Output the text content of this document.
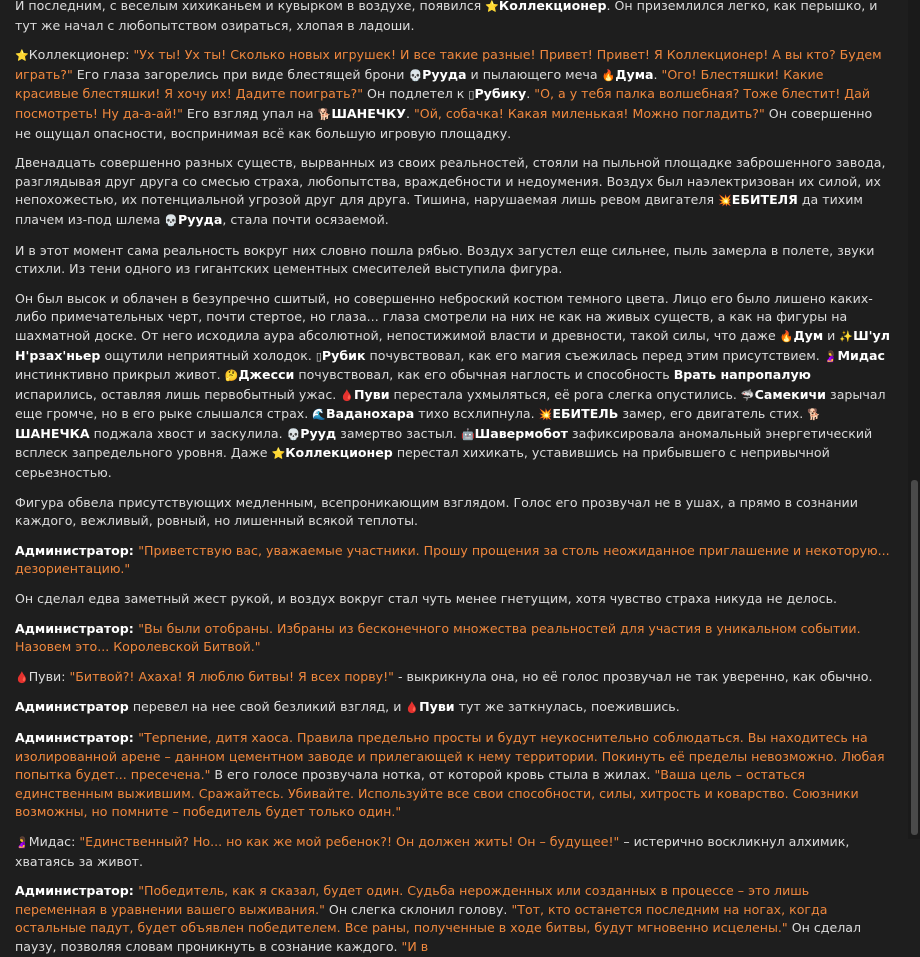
И последним, с веселым хихиканьем и кувырком в воздухе, появился ⭐Коллекционер. Он приземлился легко, как перышко, и тут же начал с любопытством озираться, хлопая в ладоши.

⭐Коллекционер: "Ух ты! Ух ты! Сколько новых игрушек! И все такие разные! Привет! Привет! Я Коллекционер! А вы кто? Будем играть?" Его глаза загорелись при виде блестящей брони 💀Рууда и пылающего меча 🔥Дума. "Ого! Блестяшки! Какие красивые блестяшки! Я хочу их! Дадите поиграть?" Он подлетел к ▯Рубику. "О, а у тебя палка волшебная? Тоже блестит! Дай посмотреть! Ну да-а-ай!" Его взгляд упал на 🐕ШАНЕЧКУ. "Ой, собачка! Какая миленькая! Можно погладить?" Он совершенно не ощущал опасности, воспринимая всё как большую игровую площадку.

Двенадцать совершенно разных существ, вырванных из своих реальностей, стояли на пыльной площадке заброшенного завода, разглядывая друг друга со смесью страха, любопытства, враждебности и недоумения. Воздух был наэлектризован их силой, их непохожестью, их потенциальной угрозой друг для друга. Тишина, нарушаемая лишь ревом двигателя 💥ЕБИТЕЛЯ да тихим плачем из-под шлема 💀Рууда, стала почти осязаемой.

И в этот момент сама реальность вокруг них словно пошла рябью. Воздух загустел еще сильнее, пыль замерла в полете, звуки стихли. Из тени одного из гигантских цементных смесителей выступила фигура.

Он был высок и облачен в безупречно сшитый, но совершенно неброский костюм темного цвета. Лицо его было лишено каких-либо примечательных черт, почти стертое, но глаза... глаза смотрели на них не как на живых существ, а как на фигуры на шахматной доске. От него исходила аура абсолютной, непостижимой власти и древности, такой силы, что даже 🔥Дум и ✨Ш'ул Н'рзах'ньер ощутили неприятный холодок. ▯Рубик почувствовал, как его магия съежилась перед этим присутствием. 🤰Мидас инстинктивно прикрыл живот. 🤔Джесси почувствовал, как его обычная наглость и способность Врать напропалую испарились, оставляя лишь первобытный ужас. 🩸Пуви перестала ухмыляться, её рога слегка опустились. 🦈Самекичи зарычал еще громче, но в его рыке слышался страх. 🌊Ваданохара тихо всхлипнула. 💥ЕБИТЕЛЬ замер, его двигатель стих. 🐕ШАНЕЧКА поджала хвост и заскулила. 💀Рууд замертво застыл. 🤖Шавермобот зафиксировала аномальный энергетический всплеск запредельного уровня. Даже ⭐Коллекционер перестал хихикать, уставившись на прибывшего с непривычной серьезностью.

Фигура обвела присутствующих медленным, всепроникающим взглядом. Голос его прозвучал не в ушах, а прямо в сознании каждого, вежливый, ровный, но лишенный всякой теплоты.

Администратор: "Приветствую вас, уважаемые участники. Прошу прощения за столь неожиданное приглашение и некоторую... дезориентацию."

Он сделал едва заметный жест рукой, и воздух вокруг стал чуть менее гнетущим, хотя чувство страха никуда не делось.

Администратор: "Вы были отобраны. Избраны из бесконечного множества реальностей для участия в уникальном событии. Назовем это... Королевской Битвой."

🩸Пуви: "Битвой?! Ахаха! Я люблю битвы! Я всех порву!" - выкрикнула она, но её голос прозвучал не так уверенно, как обычно.

Администратор перевел на нее свой безликий взгляд, и 🩸Пуви тут же заткнулась, поежившись.

Администратор: "Терпение, дитя хаоса. Правила предельно просты и будут неукоснительно соблюдаться. Вы находитесь на изолированной арене – данном цементном заводе и прилегающей к нему территории. Покинуть её пределы невозможно. Любая попытка будет... пресечена." В его голосе прозвучала нотка, от которой кровь стыла в жилах. "Ваша цель – остаться единственным выжившим. Сражайтесь. Убивайте. Используйте все свои способности, силы, хитрость и коварство. Союзники возможны, но помните – победитель будет только один."

🤰Мидас: "Единственный? Но... но как же мой ребенок?! Он должен жить! Он – будущее!" – истерично воскликнул алхимик, хватаясь за живот.

Администратор: "Победитель, как я сказал, будет один. Судьба нерожденных или созданных в процессе – это лишь переменная в уравнении вашего выживания." Он слегка склонил голову. "Тот, кто останется последним на ногах, когда остальные падут, будет объявлен победителем. Все раны, полученные в ходе битвы, будут мгновенно исцелены." Он сделал паузу, позволяя словам проникнуть в сознание каждого. "И в
